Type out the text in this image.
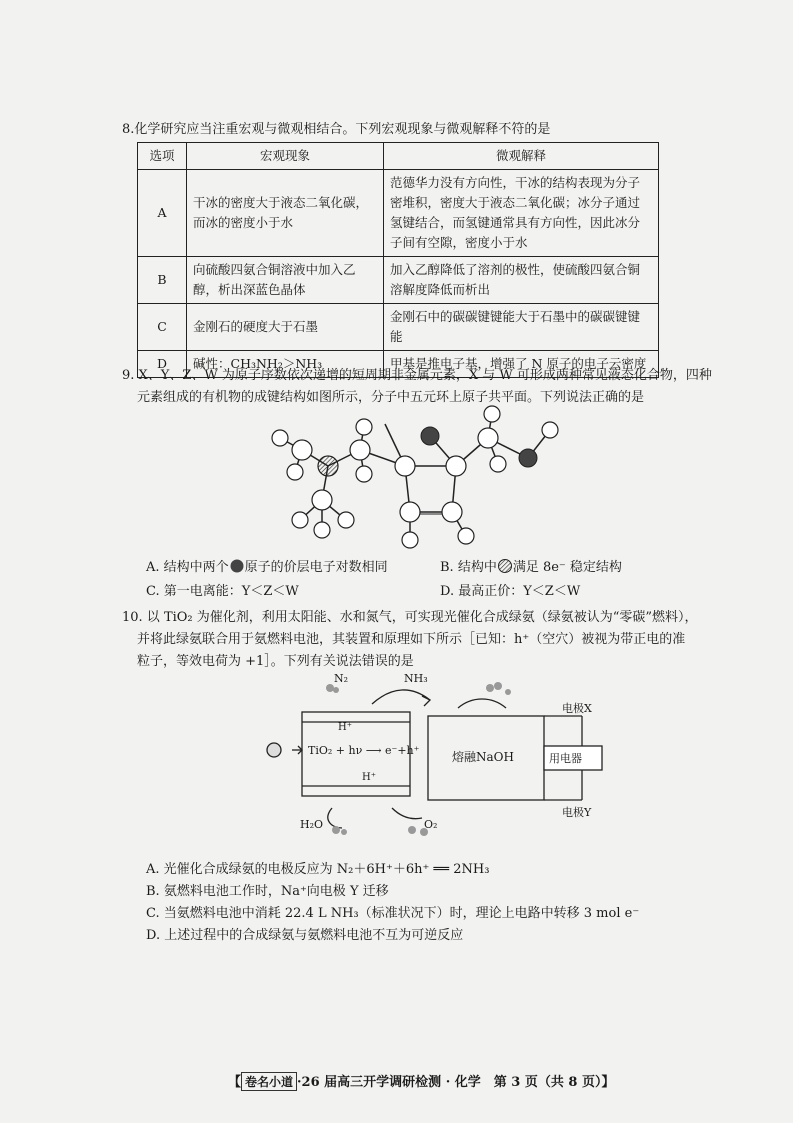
8.化学研究应当注重宏观与微观相结合。下列宏观现象与微观解释不符的是
选项	宏观现象	微观解释
A	干冰的密度大于液态二氧化碳，而冰的密度小于水	范德华力没有方向性，干冰的结构表现为分子密堆积，密度大于液态二氧化碳；冰分子通过氢键结合，而氢键通常具有方向性，因此冰分子间有空隙，密度小于水
B	向硫酸四氨合铜溶液中加入乙醇，析出深蓝色晶体	加入乙醇降低了溶剂的极性，使硫酸四氨合铜溶解度降低而析出
C	金刚石的硬度大于石墨	金刚石中的碳碳键键能大于石墨中的碳碳键键能
D	碱性：CH₃NH₂＞NH₃	甲基是推电子基，增强了 N 原子的电子云密度
9. X、Y、Z、W 为原子序数依次递增的短周期非金属元素，X 与 W 可形成两种常见液态化合物，四种
元素组成的有机物的成键结构如图所示，分子中五元环上原子共平面。下列说法正确的是
A. 结构中两个 原子的价层电子对数相同	B. 结构中 满足 8e⁻ 稳定结构
C. 第一电离能：Y＜Z＜W	D. 最高正价：Y＜Z＜W
10. 以 TiO₂ 为催化剂，利用太阳能、水和氮气，可实现光催化合成绿氨（绿氨被认为“零碳”燃料），
并将此绿氨联合用于氨燃料电池，其装置和原理如下所示［已知：h⁺（空穴）被视为带正电的准
粒子，等效电荷为 +1］。下列有关说法错误的是
N₂	NH₃
H⁺
TiO₂ + hν ⟶ e⁻+h⁺
H⁺
H₂O	O₂
熔融NaOH
电极X
电极Y
用电器
A. 光催化合成绿氨的电极反应为 N₂＋6H⁺＋6h⁺ ══ 2NH₃
B. 氨燃料电池工作时，Na⁺向电极 Y 迁移
C. 当氨燃料电池中消耗 22.4 L NH₃（标准状况下）时，理论上电路中转移 3 mol e⁻
D. 上述过程中的合成绿氨与氨燃料电池不互为可逆反应
【 卷名小道 ·26 届高三开学调研检测 · 化学　第 3 页（共 8 页）】
